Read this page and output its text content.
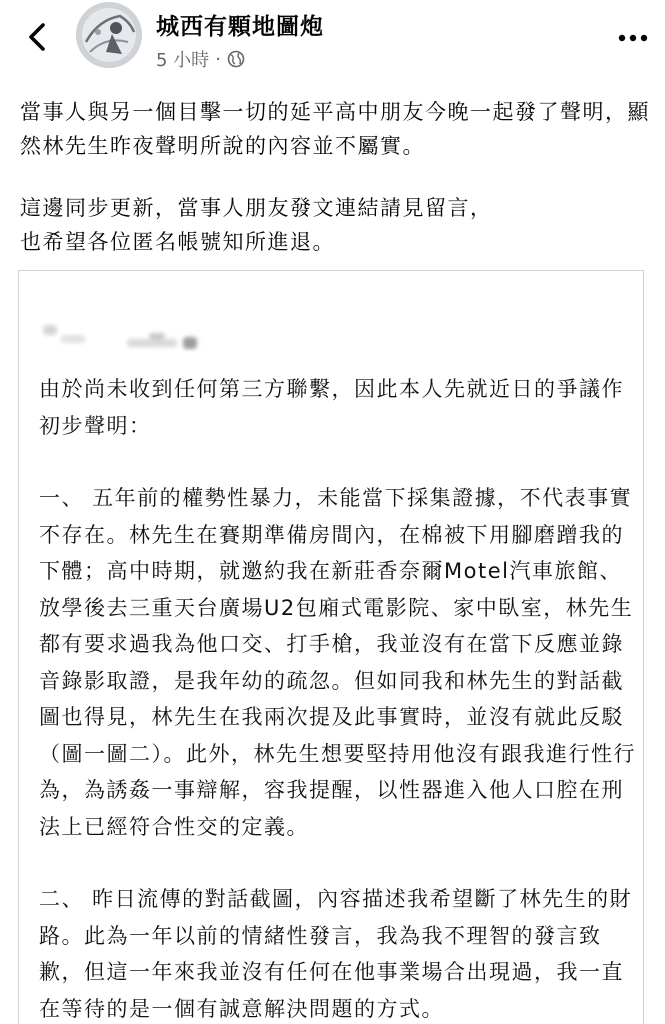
城西有顆地圖炮
5 小時 ·

當事人與另一個目擊一切的延平高中朋友今晚一起發了聲明，顯然林先生昨夜聲明所說的內容並不屬實。

這邊同步更新，當事人朋友發文連結請見留言，

也希望各位匿名帳號知所進退。

由於尚未收到任何第三方聯繫，因此本人先就近日的爭議作初步聲明：

一、 五年前的權勢性暴力，未能當下採集證據，不代表事實不存在。林先生在賽期準備房間內，在棉被下用腳磨蹭我的下體；高中時期，就邀約我在新莊香奈爾Motel汽車旅館、放學後去三重天台廣場U2包廂式電影院、家中臥室，林先生都有要求過我為他口交、打手槍，我並沒有在當下反應並錄音錄影取證，是我年幼的疏忽。但如同我和林先生的對話截圖也得見，林先生在我兩次提及此事實時，並沒有就此反駁（圖一圖二）。此外，林先生想要堅持用他沒有跟我進行性行為，為誘姦一事辯解，容我提醒，以性器進入他人口腔在刑法上已經符合性交的定義。

二、 昨日流傳的對話截圖，內容描述我希望斷了林先生的財路。此為一年以前的情緒性發言，我為我不理智的發言致歉，但這一年來我並沒有任何在他事業場合出現過，我一直在等待的是一個有誠意解決問題的方式。
